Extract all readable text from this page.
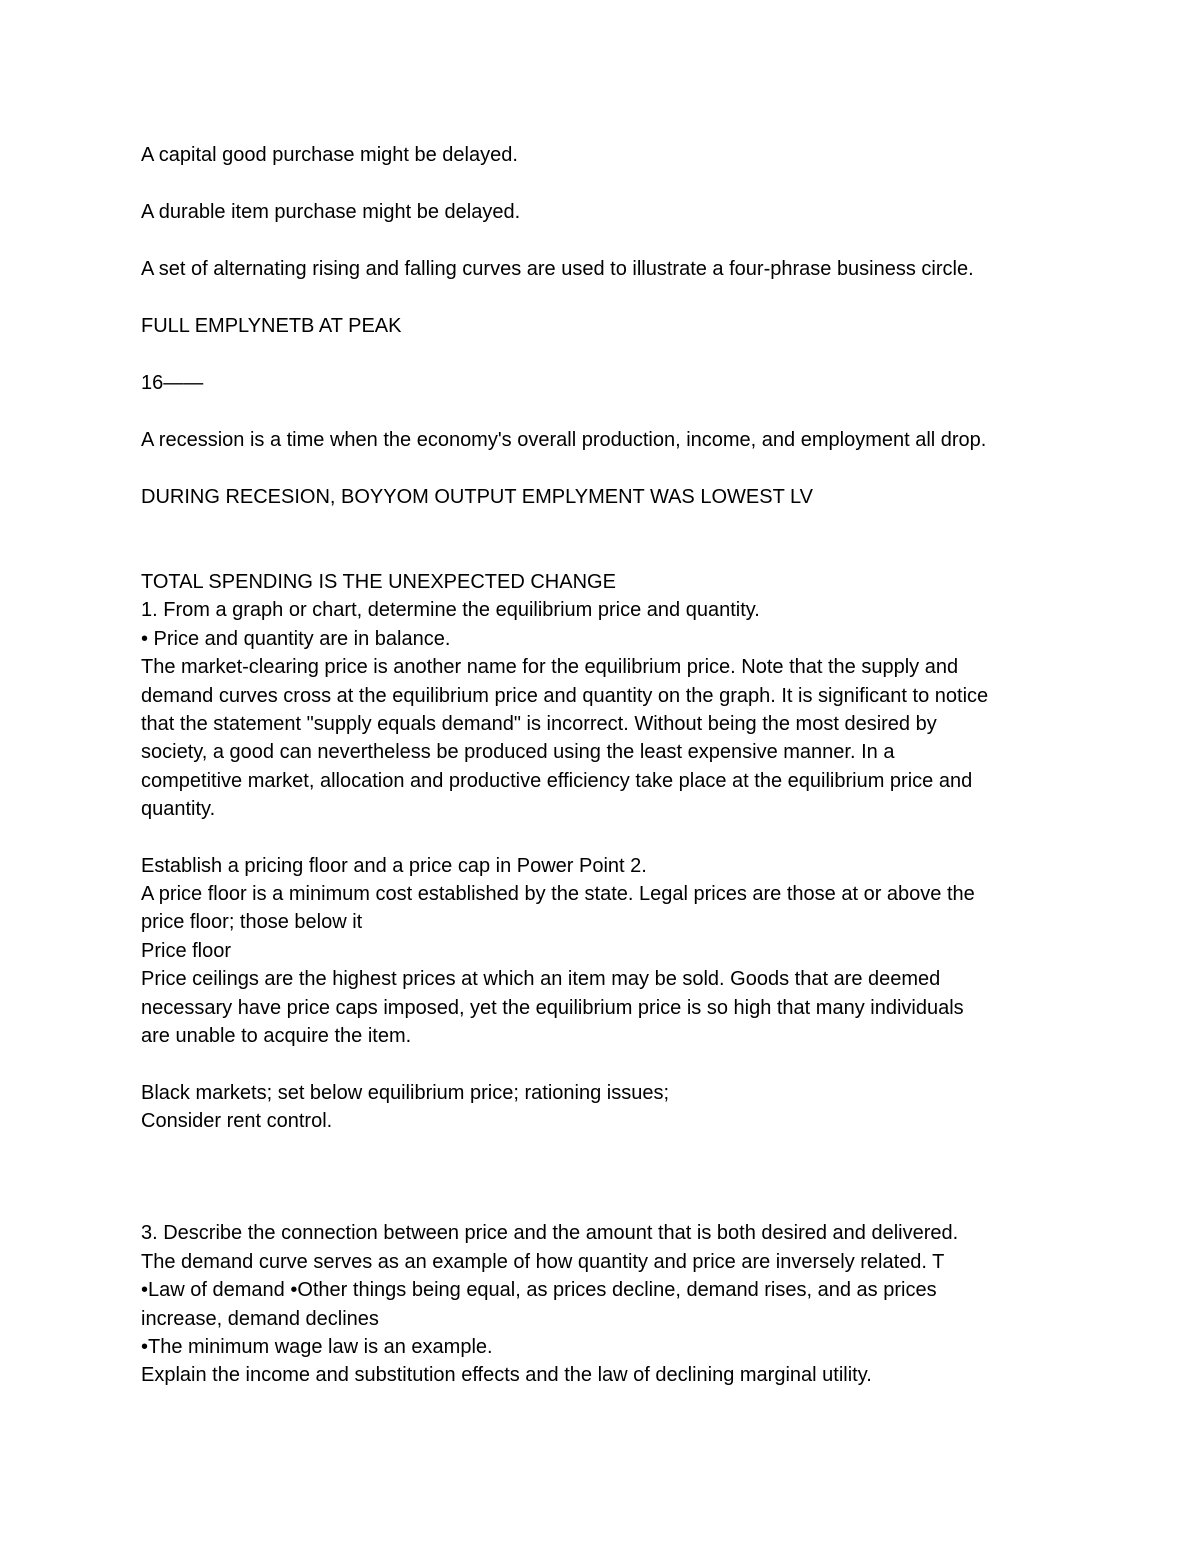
A capital good purchase might be delayed.

A durable item purchase might be delayed.

A set of alternating rising and falling curves are used to illustrate a four-phrase business circle.

FULL EMPLYNETB AT PEAK

16——

A recession is a time when the economy's overall production, income, and employment all drop.

DURING RECESION, BOYYOM OUTPUT EMPLYMENT WAS LOWEST LV

TOTAL SPENDING IS THE UNEXPECTED CHANGE
1. From a graph or chart, determine the equilibrium price and quantity.
• Price and quantity are in balance.
The market-clearing price is another name for the equilibrium price. Note that the supply and
demand curves cross at the equilibrium price and quantity on the graph. It is significant to notice
that the statement "supply equals demand" is incorrect. Without being the most desired by
society, a good can nevertheless be produced using the least expensive manner. In a
competitive market, allocation and productive efficiency take place at the equilibrium price and
quantity.
Establish a pricing floor and a price cap in Power Point 2.
A price floor is a minimum cost established by the state. Legal prices are those at or above the
price floor; those below it
Price floor
Price ceilings are the highest prices at which an item may be sold. Goods that are deemed
necessary have price caps imposed, yet the equilibrium price is so high that many individuals
are unable to acquire the item.
Black markets; set below equilibrium price; rationing issues;
Consider rent control.
3. Describe the connection between price and the amount that is both desired and delivered.
The demand curve serves as an example of how quantity and price are inversely related. T
•Law of demand •Other things being equal, as prices decline, demand rises, and as prices
increase, demand declines
•The minimum wage law is an example.
Explain the income and substitution effects and the law of declining marginal utility.
